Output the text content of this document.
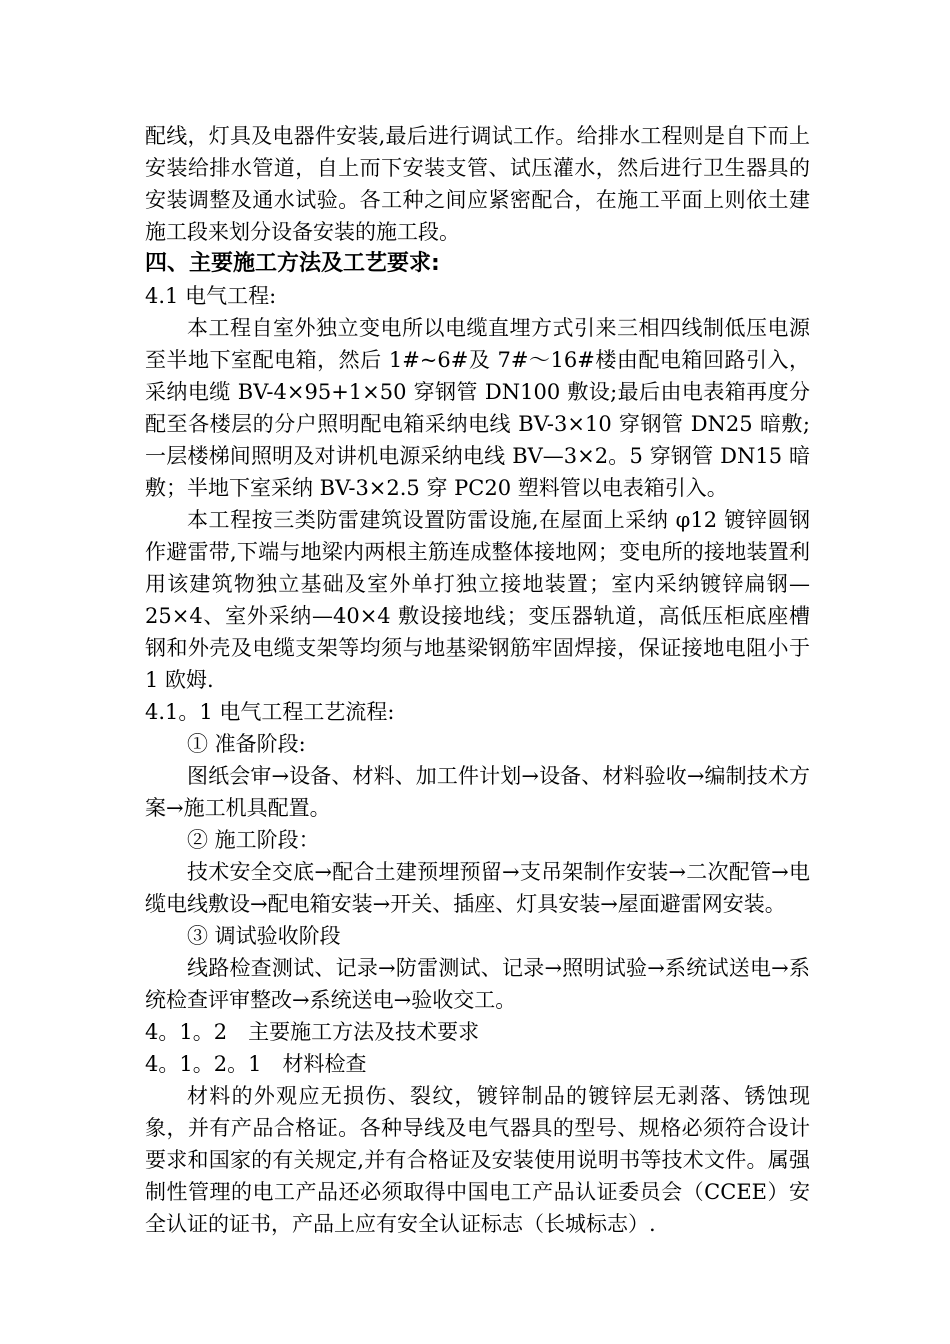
配线，灯具及电器件安装,最后进行调试工作。给排水工程则是自下而上安装给排水管道，自上而下安装支管、试压灌水，然后进行卫生器具的安装调整及通水试验。各工种之间应紧密配合，在施工平面上则依土建施工段来划分设备安装的施工段。

四、主要施工方法及工艺要求:

4.1 电气工程:

本工程自室外独立变电所以电缆直埋方式引来三相四线制低压电源至半地下室配电箱，然后 1#~6#及 7#～16#楼由配电箱回路引入，采纳电缆 BV-4×95+1×50 穿钢管 DN100 敷设;最后由电表箱再度分配至各楼层的分户照明配电箱采纳电线 BV-3×10 穿钢管 DN25 暗敷;一层楼梯间照明及对讲机电源采纳电线 BV—3×2。5 穿钢管 DN15 暗敷；半地下室采纳 BV-3×2.5 穿 PC20 塑料管以电表箱引入。

本工程按三类防雷建筑设置防雷设施,在屋面上采纳 φ12 镀锌圆钢作避雷带,下端与地梁内两根主筋连成整体接地网；变电所的接地装置利用该建筑物独立基础及室外单打独立接地装置；室内采纳镀锌扁钢—25×4、室外采纳—40×4 敷设接地线；变压器轨道，高低压柜底座槽钢和外壳及电缆支架等均须与地基梁钢筋牢固焊接，保证接地电阻小于 1 欧姆.

4.1。1 电气工程工艺流程:

① 准备阶段:

图纸会审→设备、材料、加工件计划→设备、材料验收→编制技术方案→施工机具配置。

② 施工阶段：

技术安全交底→配合土建预埋预留→支吊架制作安装→二次配管→电缆电线敷设→配电箱安装→开关、插座、灯具安装→屋面避雷网安装。

③ 调试验收阶段

线路检查测试、记录→防雷测试、记录→照明试验→系统试送电→系统检查评审整改→系统送电→验收交工。

4。1。2　主要施工方法及技术要求

4。1。2。1　材料检查

材料的外观应无损伤、裂纹，镀锌制品的镀锌层无剥落、锈蚀现象，并有产品合格证。各种导线及电气器具的型号、规格必须符合设计要求和国家的有关规定,并有合格证及安装使用说明书等技术文件。属强制性管理的电工产品还必须取得中国电工产品认证委员会（CCEE）安全认证的证书，产品上应有安全认证标志（长城标志）.
